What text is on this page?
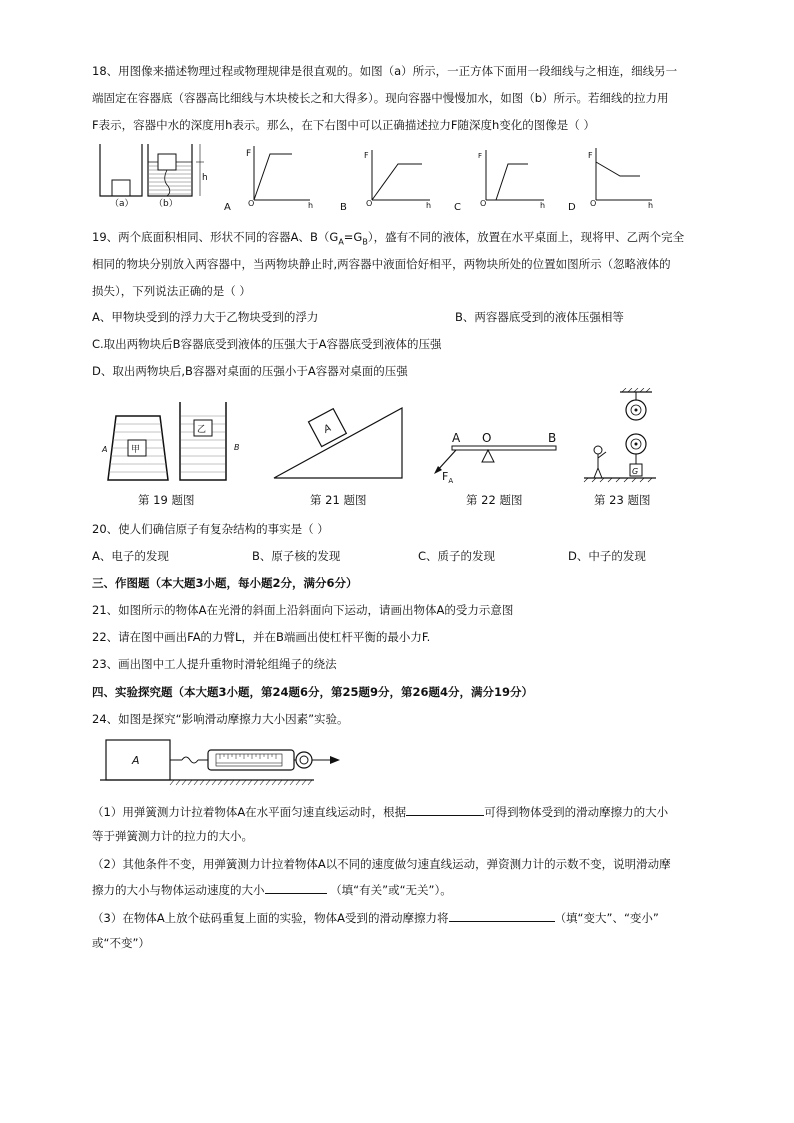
18、用图像来描述物理过程或物理规律是很直观的。如图（a）所示，一正方体下面用一段细线与之相连，细线另一
端固定在容器底（容器高比细线与木块棱长之和大得多）。现向容器中慢慢加水，如图（b）所示。若细线的拉力用
F表示，容器中水的深度用h表示。那么，在下右图中可以正确描述拉力F随深度h变化的图像是（ ）
（a）
h
（b）	A
F
O	h	B
F
O	h C
F
O	h D
F
O	h
19、两个底面积相同、形状不同的容器A、$B(G_A=G_B)$，盛有不同的液体，放置在水平桌面上，现将甲、乙两个完全
相同的物块分别放入两容器中，当两物块静止时,两容器中液面恰好相平，两物块所处的位置如图所示（忽略液体的
损失），下列说法正确的是（ ）
A、甲物块受到的浮力大于乙物块受到的浮力	B、两容器底受到的液体压强相等
C.取出两物块后B容器底受到液体的压强大于A容器底受到液体的压强
D、取出两物块后,B容器对桌面的压强小于A容器对桌面的压强
甲
A
乙
B
第 19 题图
A
第 21 题图
A O	B
$F_A$
第 22 题图
G
第 23 题图
20、使人们确信原子有复杂结构的事实是（ ）
A、电子的发现	B、原子核的发现	C、质子的发现	D、中子的发现
三、作图题（本大题3小题，每小题2分，满分6分）
21、如图所示的物体A在光滑的斜面上沿斜面向下运动，请画出物体A的受力示意图
22、请在图中画出FA的力臂L，并在B端画出使杠杆平衡的最小力F.
23、画出图中工人提升重物时滑轮组绳子的绕法
四、实验探究题（本大题3小题，第24题6分，第25题9分，第26题4分，满分19分）
24、如图是探究“影响滑动摩擦力大小因素”实验。
A
（1）用弹簧测力计拉着物体A在水平面匀速直线运动时，根据	可得到物体受到的滑动摩擦力的大小
等于弹簧测力计的拉力的大小。
（2）其他条件不变，用弹簧测力计拉着物体A以不同的速度做匀速直线运动，弹资测力计的示数不变，说明滑动摩
擦力的大小与物体运动速度的大小	（填“有关”或“无关”）。
（3）在物体A上放个砝码重复上面的实验，物体A受到的滑动摩擦力将	（填“变大”、“变小”
或“不变”）
